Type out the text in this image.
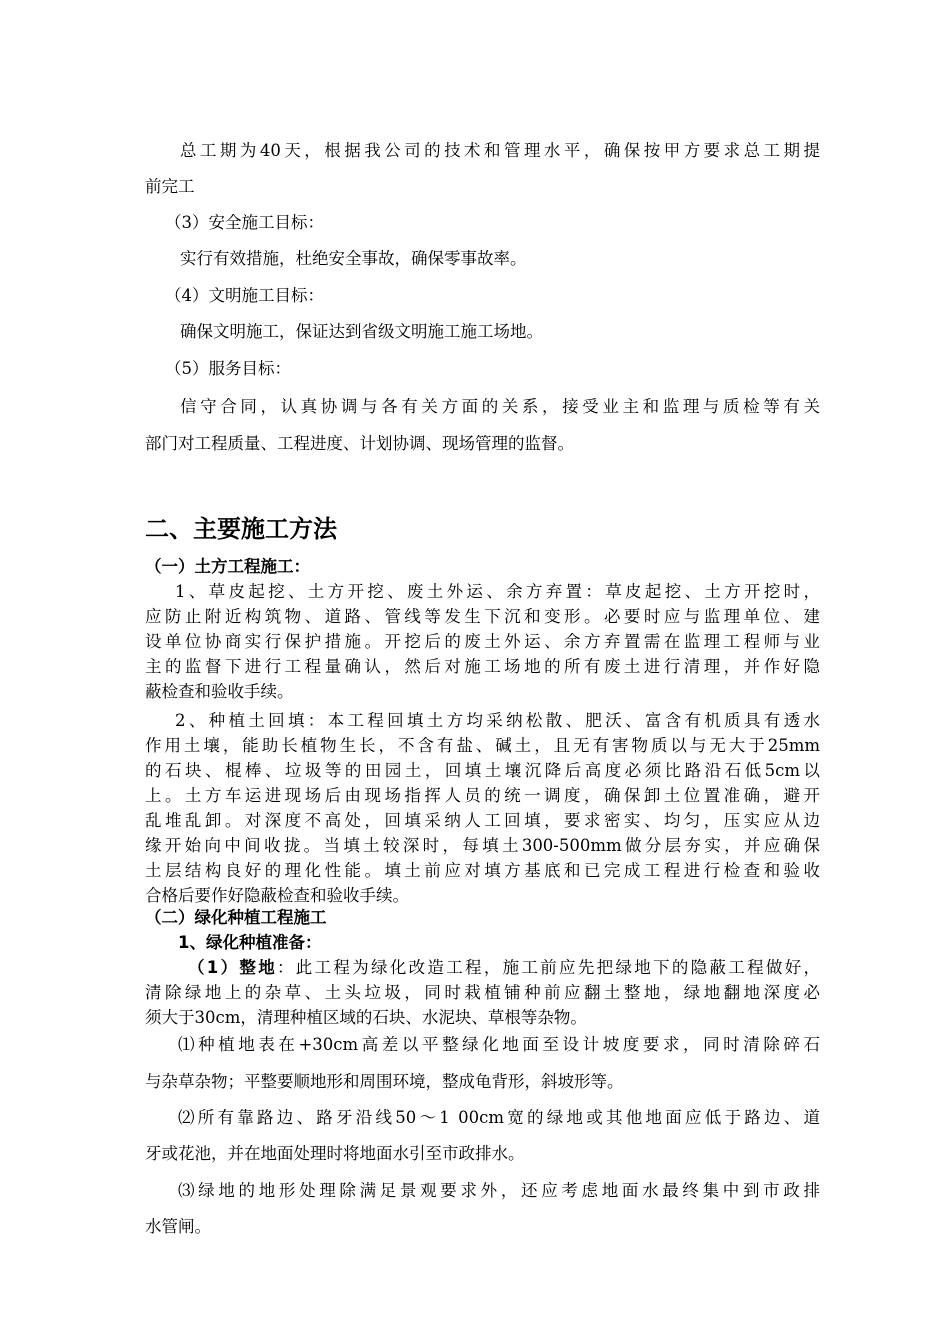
总工期为40天，根据我公司的技术和管理水平，确保按甲方要求总工期提
前完工
（3）安全施工目标：
实行有效措施，杜绝安全事故，确保零事故率。
（4）文明施工目标：
确保文明施工，保证达到省级文明施工施工场地。
（5）服务目标：
信守合同，认真协调与各有关方面的关系，接受业主和监理与质检等有关
部门对工程质量、工程进度、计划协调、现场管理的监督。
二、主要施工方法
（一）土方工程施工：
1、草皮起挖、土方开挖、废土外运、余方弃置：草皮起挖、土方开挖时，
应防止附近构筑物、道路、管线等发生下沉和变形。必要时应与监理单位、建
设单位协商实行保护措施。开挖后的废土外运、余方弃置需在监理工程师与业
主的监督下进行工程量确认，然后对施工场地的所有废土进行清理，并作好隐
蔽检查和验收手续。
2、种植土回填：本工程回填土方均采纳松散、肥沃、富含有机质具有透水
作用土壤，能助长植物生长，不含有盐、碱土，且无有害物质以与无大于25mm
的石块、棍棒、垃圾等的田园土，回填土壤沉降后高度必须比路沿石低5cm以
上。土方车运进现场后由现场指挥人员的统一调度，确保卸土位置准确，避开
乱堆乱卸。对深度不高处，回填采纳人工回填，要求密实、均匀，压实应从边
缘开始向中间收拢。当填土较深时，每填土300-500mm做分层夯实，并应确保
土层结构良好的理化性能。填土前应对填方基底和已完成工程进行检查和验收
合格后要作好隐蔽检查和验收手续。
（二）绿化种植工程施工
1、绿化种植准备：
（1）整地：此工程为绿化改造工程，施工前应先把绿地下的隐蔽工程做好，
清除绿地上的杂草、土头垃圾，同时栽植铺种前应翻土整地，绿地翻地深度必
须大于30cm，清理种植区域的石块、水泥块、草根等杂物。
⑴种植地表在+30cm高差以平整绿化地面至设计坡度要求，同时清除碎石
与杂草杂物；平整要顺地形和周围环境，整成龟背形，斜坡形等。
⑵所有靠路边、路牙沿线50～1 00cm宽的绿地或其他地面应低于路边、道
牙或花池，并在地面处理时将地面水引至市政排水。
⑶绿地的地形处理除满足景观要求外，还应考虑地面水最终集中到市政排
水管闸。
